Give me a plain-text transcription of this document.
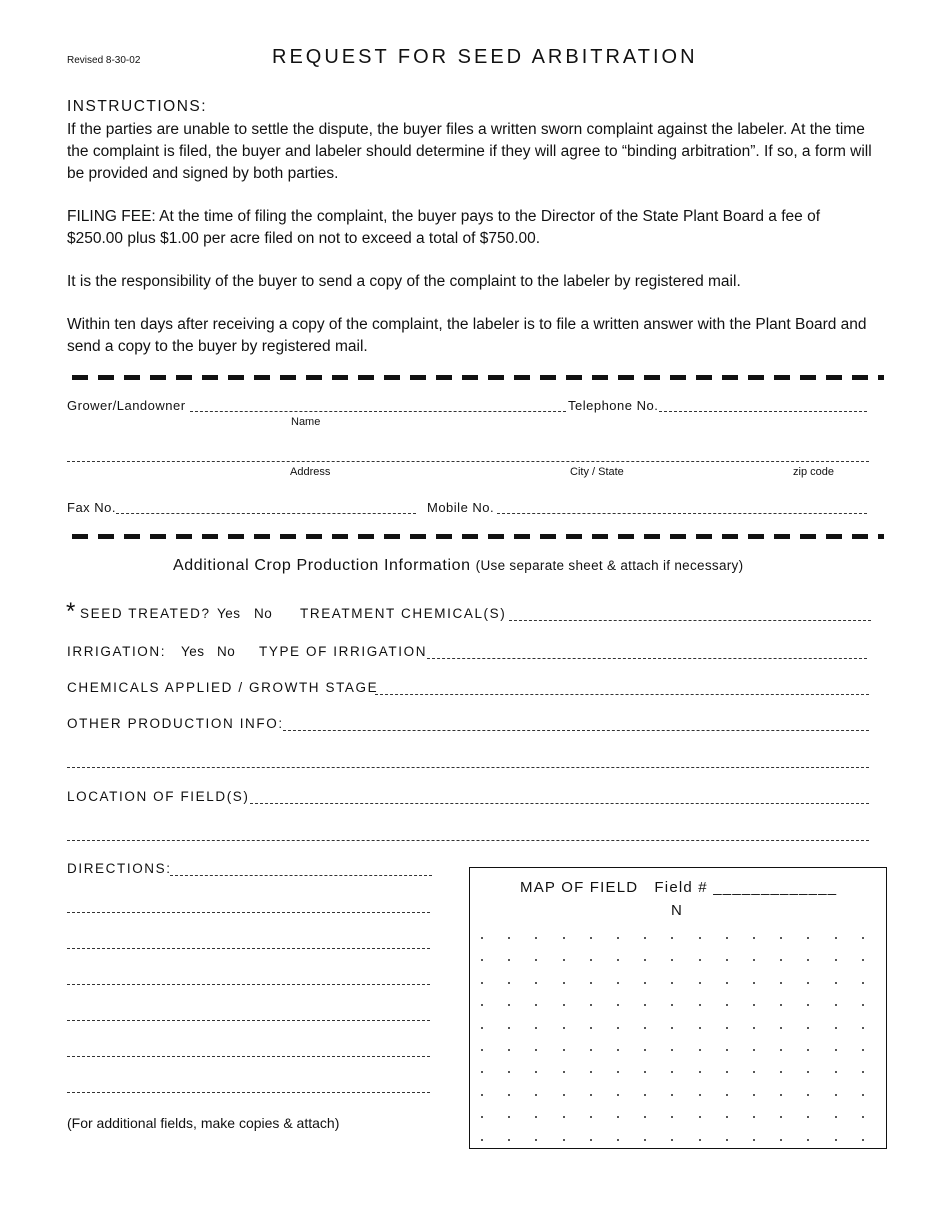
Revised 8-30-02	REQUEST FOR SEED ARBITRATION
INSTRUCTIONS:
If the parties are unable to settle the dispute, the buyer files a written sworn complaint against the labeler. At the time the complaint is filed, the buyer and labeler should determine if they will agree to “binding arbitration”. If so, a form will be provided and signed by both parties.
FILING FEE: At the time of filing the complaint, the buyer pays to the Director of the State Plant Board a fee of $250.00 plus $1.00 per acre filed on not to exceed a total of $750.00.
It is the responsibility of the buyer to send a copy of the complaint to the labeler by registered mail.
Within ten days after receiving a copy of the complaint, the labeler is to file a written answer with the Plant Board and send a copy to the buyer by registered mail.
Grower/Landowner
Name
Telephone No.
Address	City / State	zip code
Fax No.	Mobile No.
Additional Crop Production Information (Use separate sheet & attach if necessary)
* SEED TREATED? Yes No TREATMENT CHEMICAL(S)
IRRIGATION: Yes No TYPE OF IRRIGATION
CHEMICALS APPLIED / GROWTH STAGE
OTHER PRODUCTION INFO:
LOCATION OF FIELD(S)
DIRECTIONS:
(For additional fields, make copies & attach)
MAP OF FIELD Field # _____________
N
